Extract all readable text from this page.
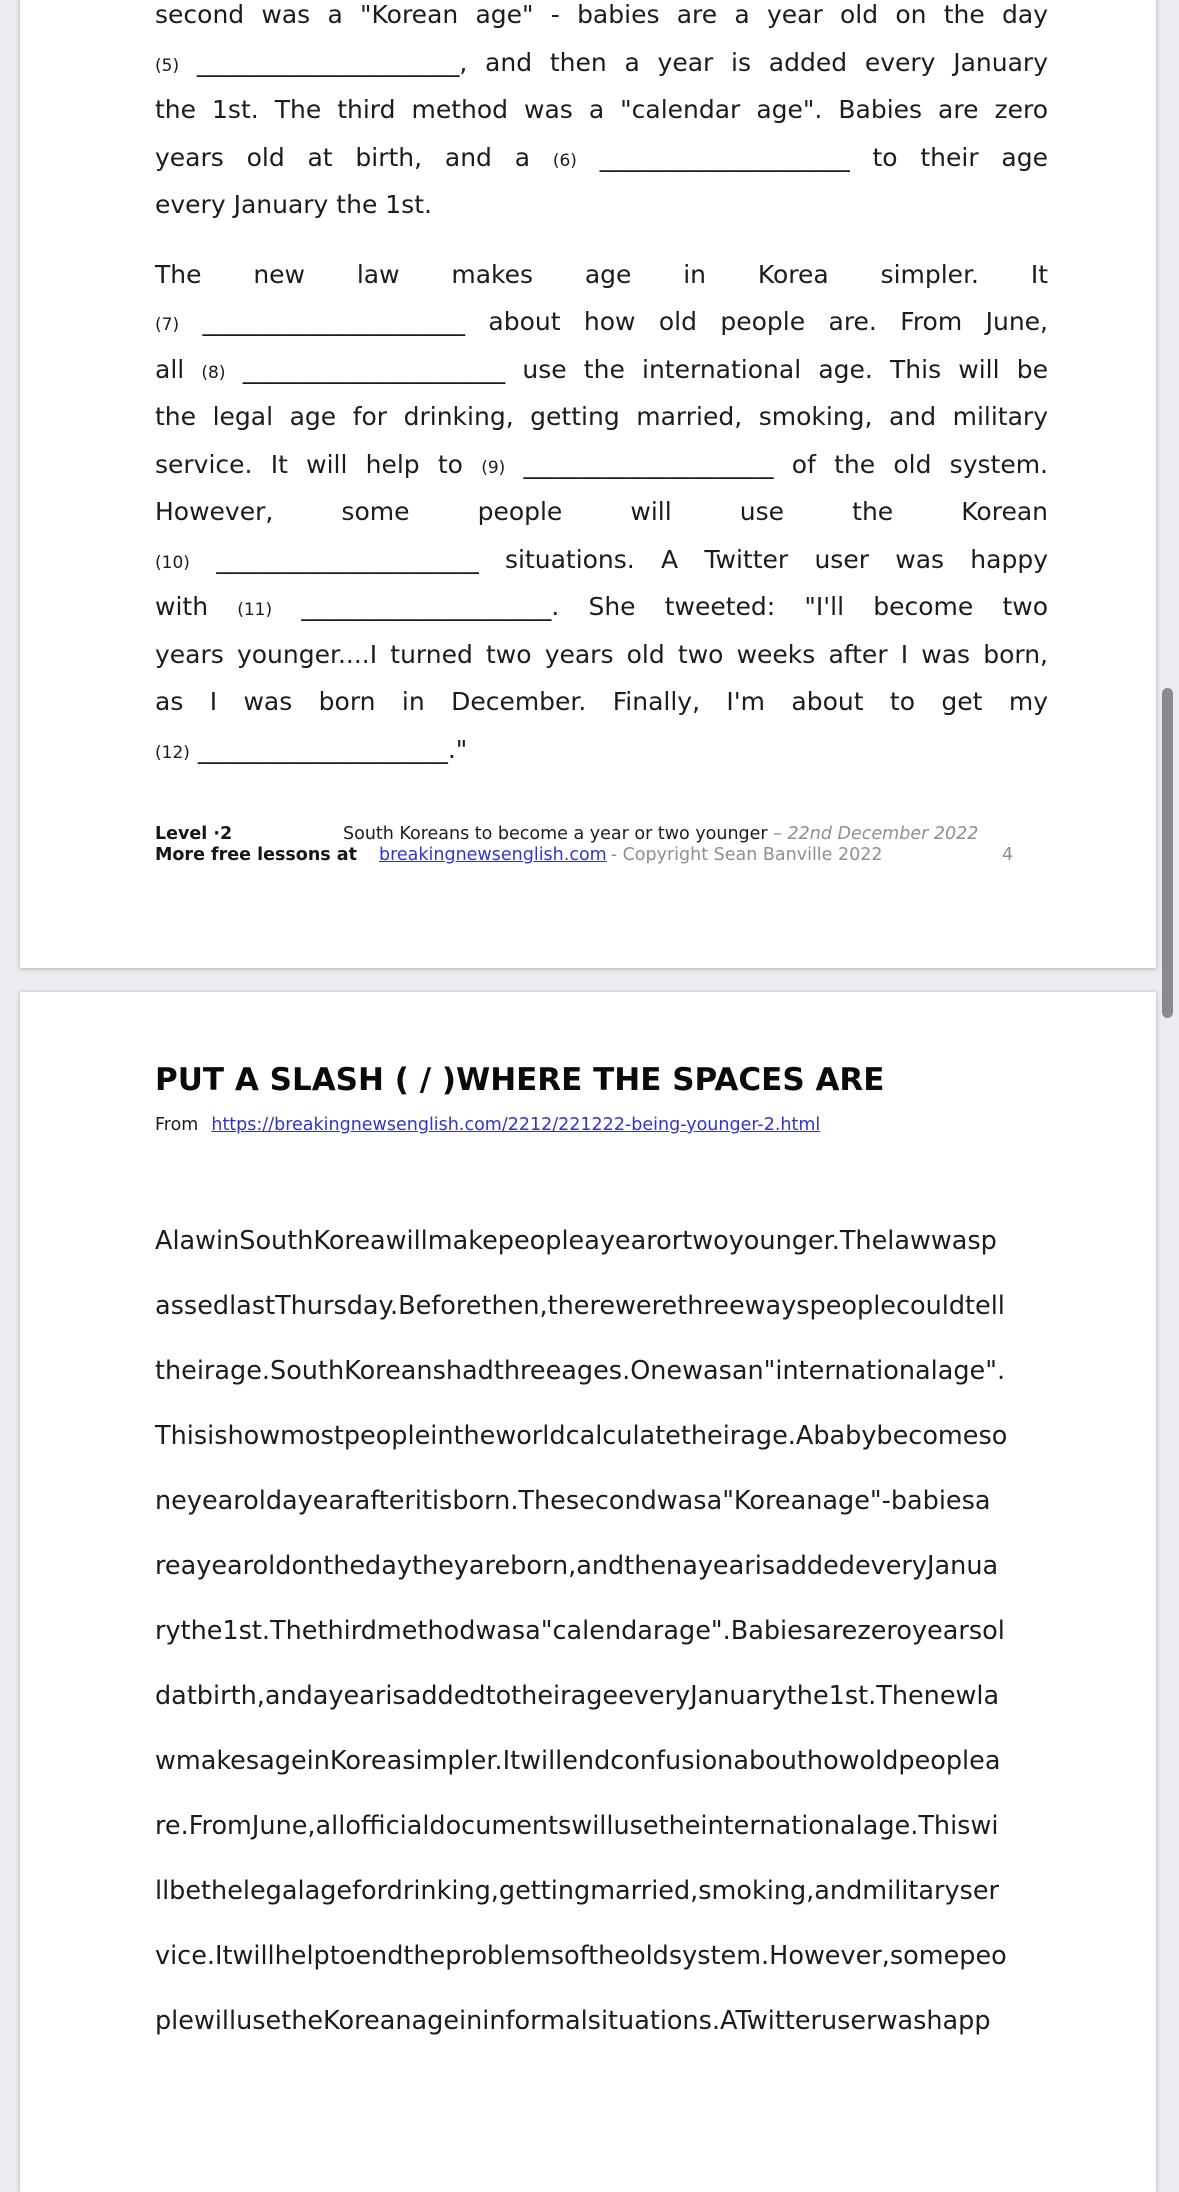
second was a "Korean age" - babies are a year old on the day
(5) _____________________, and then a year is added every January
the 1st. The third method was a "calendar age". Babies are zero
years old at birth, and a (6) ____________________ to their age
every January the 1st.
The new law makes age in Korea simpler. It
(7) _____________________ about how old people are. From June,
all (8) _____________________ use the international age. This will be
the legal age for drinking, getting married, smoking, and military
service. It will help to (9) ____________________ of the old system.
However, some people will use the Korean
(10) _____________________ situations. A Twitter user was happy
with (11) ____________________. She tweeted: "I'll become two
years younger....I turned two years old two weeks after I was born,
as I was born in December. Finally, I'm about to get my
(12) ____________________."
Level ·2	South Koreans to become a year or two younger – 22nd December 2022
More free lessons at breakingnewsenglish.com - Copyright Sean Banville 2022	4
PUT A SLASH ( / )WHERE THE SPACES ARE
From https://breakingnewsenglish.com/2212/221222-being-younger-2.html
AlawinSouthKoreawillmakepeopleayearortwoyounger.Thelawwasp
assedlastThursday.Beforethen,therewerethreewayspeoplecouldtell
theirage.SouthKoreanshadthreeages.Onewasan"internationalage".
Thisishowmostpeopleintheworldcalculatetheirage.Ababybecomeso
neyearoldayearafteritisborn.Thesecondwasa"Koreanage"-babiesa
reayearoldonthedaytheyareborn,andthenayearisaddedeveryJanua
rythe1st.Thethirdmethodwasa"calendarage".Babiesarezeroyearsol
datbirth,andayearisaddedtotheirageeveryJanuarythe1st.Thenewla
wmakesageinKoreasimpler.Itwillendconfusionabouthowoldpeoplea
re.FromJune,allofficialdocumentswillusetheinternationalage.Thiswi
llbethelegalagefordrinking,gettingmarried,smoking,andmilitaryser
vice.Itwillhelptoendtheproblemsoftheoldsystem.However,somepeo
plewillusetheKoreanageininformalsituations.ATwitteruserwashapp
